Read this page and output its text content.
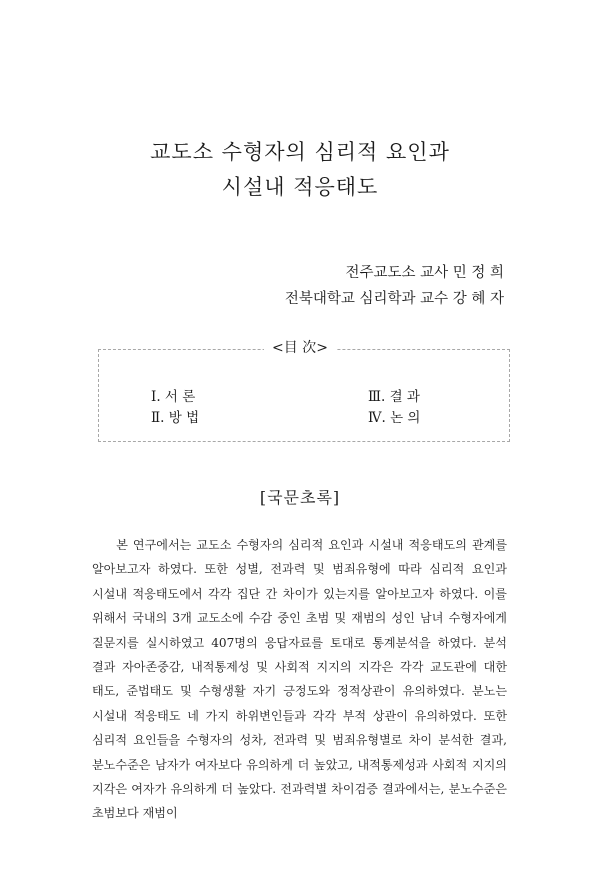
교도소 수형자의 심리적 요인과
시설내 적응태도
전주교도소 교사 민 정 희
전북대학교 심리학과 교수 강 혜 자
<目 次>
Ⅰ. 서 론
Ⅱ. 방 법
Ⅲ. 결 과
Ⅳ. 논 의
[국문초록]

본 연구에서는 교도소 수형자의 심리적 요인과 시설내 적응태도의 관계를 알아보고자 하였다. 또한 성별, 전과력 및 범죄유형에 따라 심리적 요인과 시설내 적응태도에서 각각 집단 간 차이가 있는지를 알아보고자 하였다. 이를 위해서 국내의 3개 교도소에 수감 중인 초범 및 재범의 성인 남녀 수형자에게 질문지를 실시하였고 407명의 응답자료를 토대로 통계분석을 하였다. 분석 결과 자아존중감, 내적통제성 및 사회적 지지의 지각은 각각 교도관에 대한 태도, 준법태도 및 수형생활 자기 긍정도와 정적상관이 유의하였다. 분노는 시설내 적응태도 네 가지 하위변인들과 각각 부적 상관이 유의하였다. 또한 심리적 요인들을 수형자의 성차, 전과력 및 범죄유형별로 차이 분석한 결과, 분노수준은 남자가 여자보다 유의하게 더 높았고, 내적통제성과 사회적 지지의 지각은 여자가 유의하게 더 높았다. 전과력별 차이검증 결과에서는, 분노수준은 초범보다 재범이
